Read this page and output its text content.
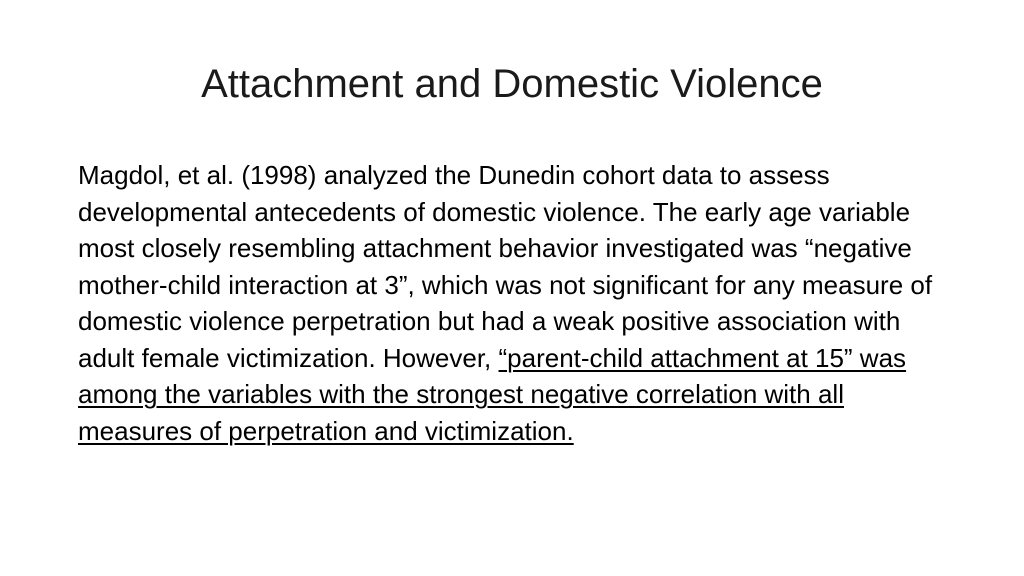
Attachment and Domestic Violence

Magdol, et al. (1998) analyzed the Dunedin cohort data to assess developmental antecedents of domestic violence. The early age variable most closely resembling attachment behavior investigated was “negative mother-child interaction at 3”, which was not significant for any measure of domestic violence perpetration but had a weak positive association with adult female victimization. However, “parent-child attachment at 15” was among the variables with the strongest negative correlation with all measures of perpetration and victimization.
